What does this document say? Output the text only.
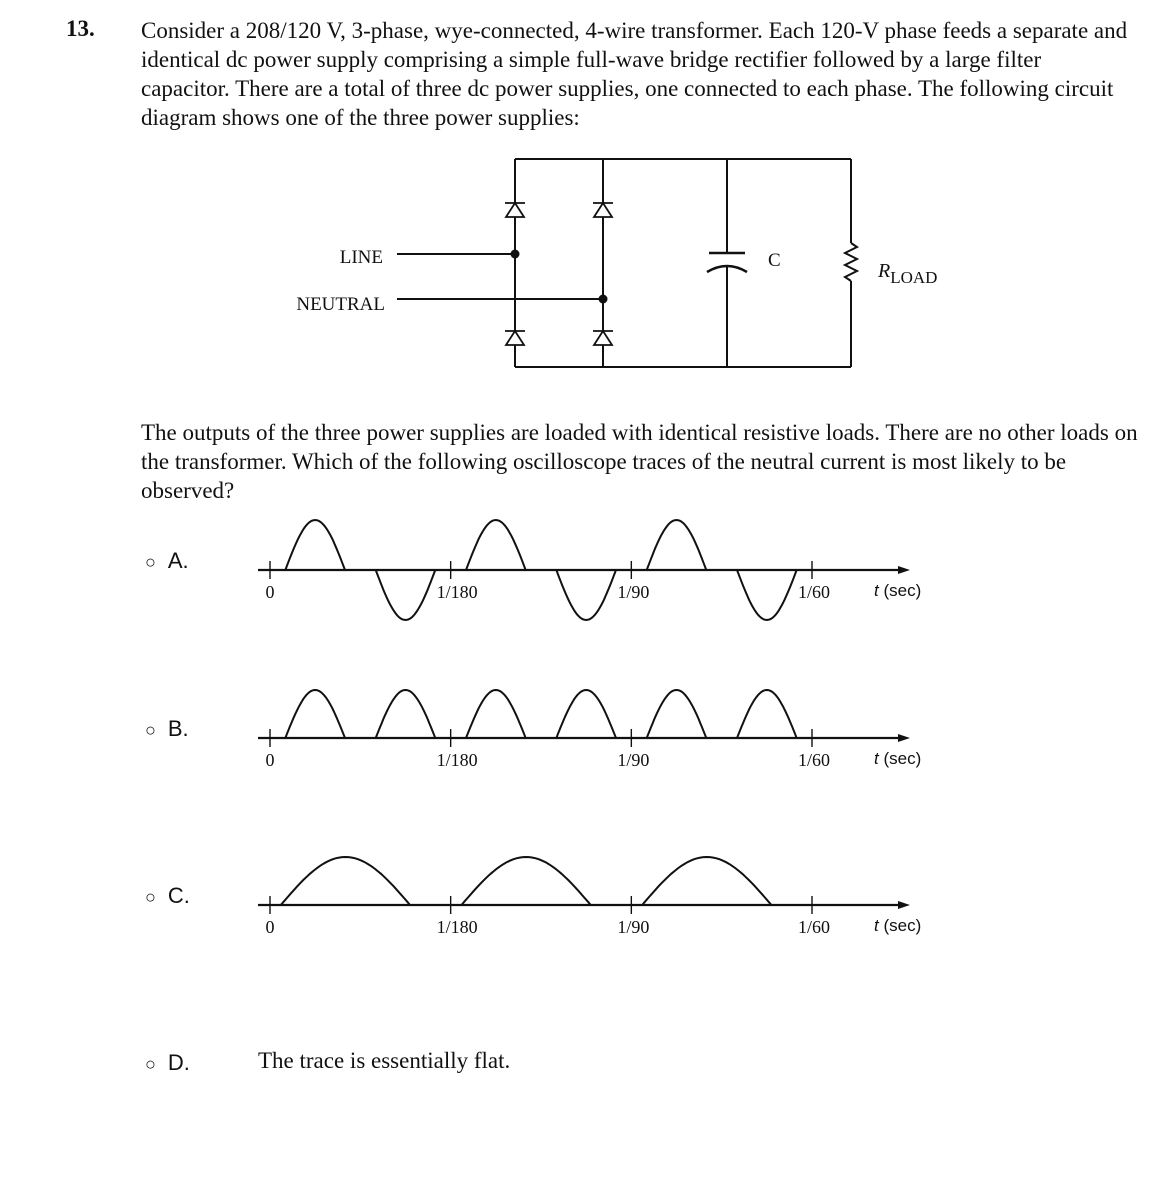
13. Consider a 208/120 V, 3-phase, wye-connected, 4-wire transformer. Each 120-V phase feeds a separate and identical dc power supply comprising a simple full-wave bridge rectifier followed by a large filter capacitor. There are a total of three dc power supplies, one connected to each phase. The following circuit diagram shows one of the three power supplies:

LINE
NEUTRAL
C	RLOAD
0	1/180	1/90	1/60	t (sec)
0	1/180	1/90	1/60	t (sec)
0	1/180	1/90	1/60	t (sec)

The outputs of the three power supplies are loaded with identical resistive loads. There are no other loads on the transformer. Which of the following oscilloscope traces of the neutral current is most likely to be observed?

○ A.
○ B.
○ C.
○ D.	The trace is essentially flat.
